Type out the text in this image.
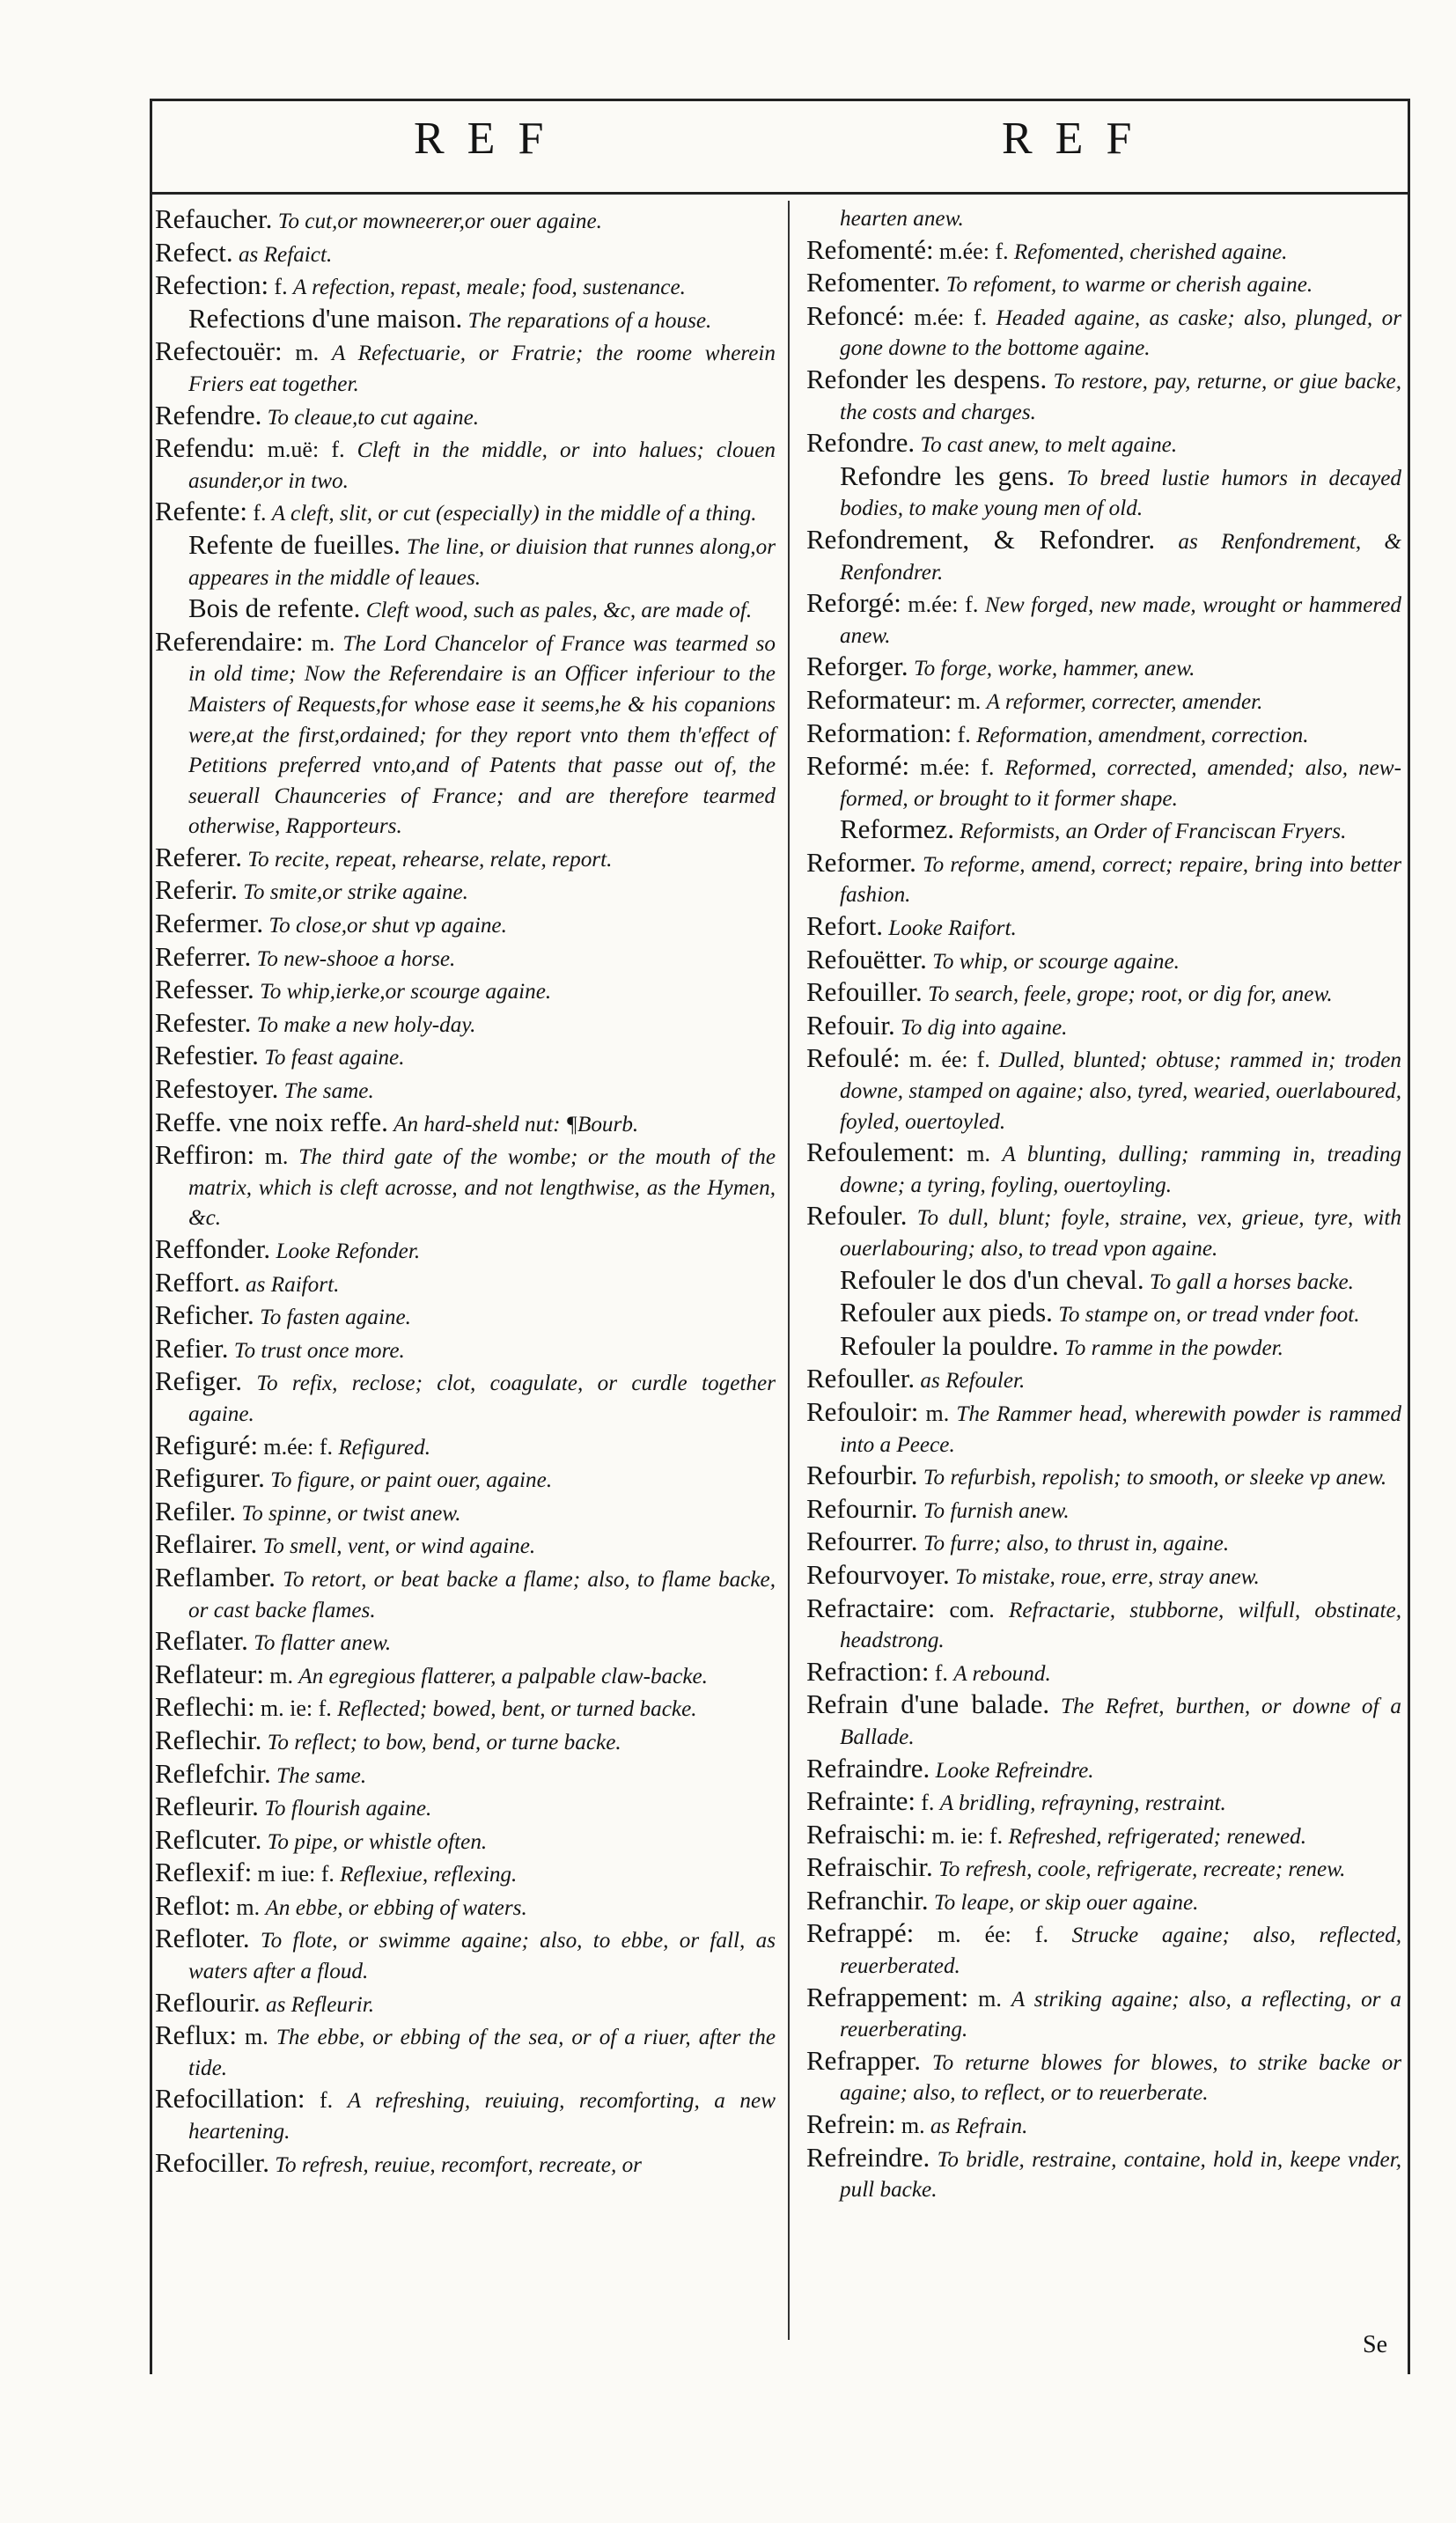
REF	REF

Refaucher. To cut,or mowneerer,or ouer againe.

Refect. as Refaict.

Refection: f. A refection, repast, meale; food, sustenance.

Refections d'une maison. The reparations of a house.

Refectouër: m. A Refectuarie, or Fratrie; the roome wherein Friers eat together.

Refendre. To cleaue,to cut againe.

Refendu: m.uë: f. Cleft in the middle, or into halues; clouen asunder,or in two.

Refente: f. A cleft, slit, or cut (especially) in the middle of a thing.

Refente de fueilles. The line, or diuision that runnes along,or appeares in the middle of leaues.

Bois de refente. Cleft wood, such as pales, &c, are made of.

Referendaire: m. The Lord Chancelor of France was tearmed so in old time; Now the Referendaire is an Officer inferiour to the Maisters of Requests,for whose ease it seems,he & his copanions were,at the first,ordained; for they report vnto them th'effect of Petitions preferred vnto,and of Patents that passe out of, the seuerall Chaunceries of France; and are therefore tearmed otherwise, Rapporteurs.

Referer. To recite, repeat, rehearse, relate, report.

Referir. To smite,or strike againe.

Refermer. To close,or shut vp againe.

Referrer. To new-shooe a horse.

Refesser. To whip,ierke,or scourge againe.

Refester. To make a new holy-day.

Refestier. To feast againe.

Refestoyer. The same.

Reffe. vne noix reffe. An hard-sheld nut: ¶Bourb.

Reffiron: m. The third gate of the wombe; or the mouth of the matrix, which is cleft acrosse, and not lengthwise, as the Hymen, &c.

Reffonder. Looke Refonder.

Reffort. as Raifort.

Reficher. To fasten againe.

Refier. To trust once more.

Refiger. To refix, reclose; clot, coagulate, or curdle together againe.

Refiguré: m.ée: f. Refigured.

Refigurer. To figure, or paint ouer, againe.

Refiler. To spinne, or twist anew.

Reflairer. To smell, vent, or wind againe.

Reflamber. To retort, or beat backe a flame; also, to flame backe, or cast backe flames.

Reflater. To flatter anew.

Reflateur: m. An egregious flatterer, a palpable claw-backe.

Reflechi: m. ie: f. Reflected; bowed, bent, or turned backe.

Reflechir. To reflect; to bow, bend, or turne backe.

Reflefchir. The same.

Refleurir. To flourish againe.

Reflcuter. To pipe, or whistle often.

Reflexif: m iue: f. Reflexiue, reflexing.

Reflot: m. An ebbe, or ebbing of waters.

Refloter. To flote, or swimme againe; also, to ebbe, or fall, as waters after a floud.

Reflourir. as Refleurir.

Reflux: m. The ebbe, or ebbing of the sea, or of a riuer, after the tide.

Refocillation: f. A refreshing, reuiuing, recomforting, a new heartening.

Refociller. To refresh, reuiue, recomfort, recreate, or

hearten anew.

Refomenté: m.ée: f. Refomented, cherished againe.

Refomenter. To refoment, to warme or cherish againe.

Refoncé: m.ée: f. Headed againe, as caske; also, plunged, or gone downe to the bottome againe.

Refonder les despens. To restore, pay, returne, or giue backe, the costs and charges.

Refondre. To cast anew, to melt againe.

Refondre les gens. To breed lustie humors in decayed bodies, to make young men of old.

Refondrement, & Refondrer. as Renfondrement, & Renfondrer.

Reforgé: m.ée: f. New forged, new made, wrought or hammered anew.

Reforger. To forge, worke, hammer, anew.

Reformateur: m. A reformer, correcter, amender.

Reformation: f. Reformation, amendment, correction.

Reformé: m.ée: f. Reformed, corrected, amended; also, new-formed, or brought to it former shape.

Reformez. Reformists, an Order of Franciscan Fryers.

Reformer. To reforme, amend, correct; repaire, bring into better fashion.

Refort. Looke Raifort.

Refouëtter. To whip, or scourge againe.

Refouiller. To search, feele, grope; root, or dig for, anew.

Refouir. To dig into againe.

Refoulé: m. ée: f. Dulled, blunted; obtuse; rammed in; troden downe, stamped on againe; also, tyred, wearied, ouerlaboured, foyled, ouertoyled.

Refoulement: m. A blunting, dulling; ramming in, treading downe; a tyring, foyling, ouertoyling.

Refouler. To dull, blunt; foyle, straine, vex, grieue, tyre, with ouerlabouring; also, to tread vpon againe.

Refouler le dos d'un cheval. To gall a horses backe.

Refouler aux pieds. To stampe on, or tread vnder foot.

Refouler la pouldre. To ramme in the powder.

Refouller. as Refouler.

Refouloir: m. The Rammer head, wherewith powder is rammed into a Peece.

Refourbir. To refurbish, repolish; to smooth, or sleeke vp anew.

Refournir. To furnish anew.

Refourrer. To furre; also, to thrust in, againe.

Refourvoyer. To mistake, roue, erre, stray anew.

Refractaire: com. Refractarie, stubborne, wilfull, obstinate, headstrong.

Refraction: f. A rebound.

Refrain d'une balade. The Refret, burthen, or downe of a Ballade.

Refraindre. Looke Refreindre.

Refrainte: f. A bridling, refrayning, restraint.

Refraischi: m. ie: f. Refreshed, refrigerated; renewed.

Refraischir. To refresh, coole, refrigerate, recreate; renew.

Refranchir. To leape, or skip ouer againe.

Refrappé: m. ée: f. Strucke againe; also, reflected, reuerberated.

Refrappement: m. A striking againe; also, a reflecting, or a reuerberating.

Refrapper. To returne blowes for blowes, to strike backe or againe; also, to reflect, or to reuerberate.

Refrein: m. as Refrain.

Refreindre. To bridle, restraine, containe, hold in, keepe vnder, pull backe.

Se
